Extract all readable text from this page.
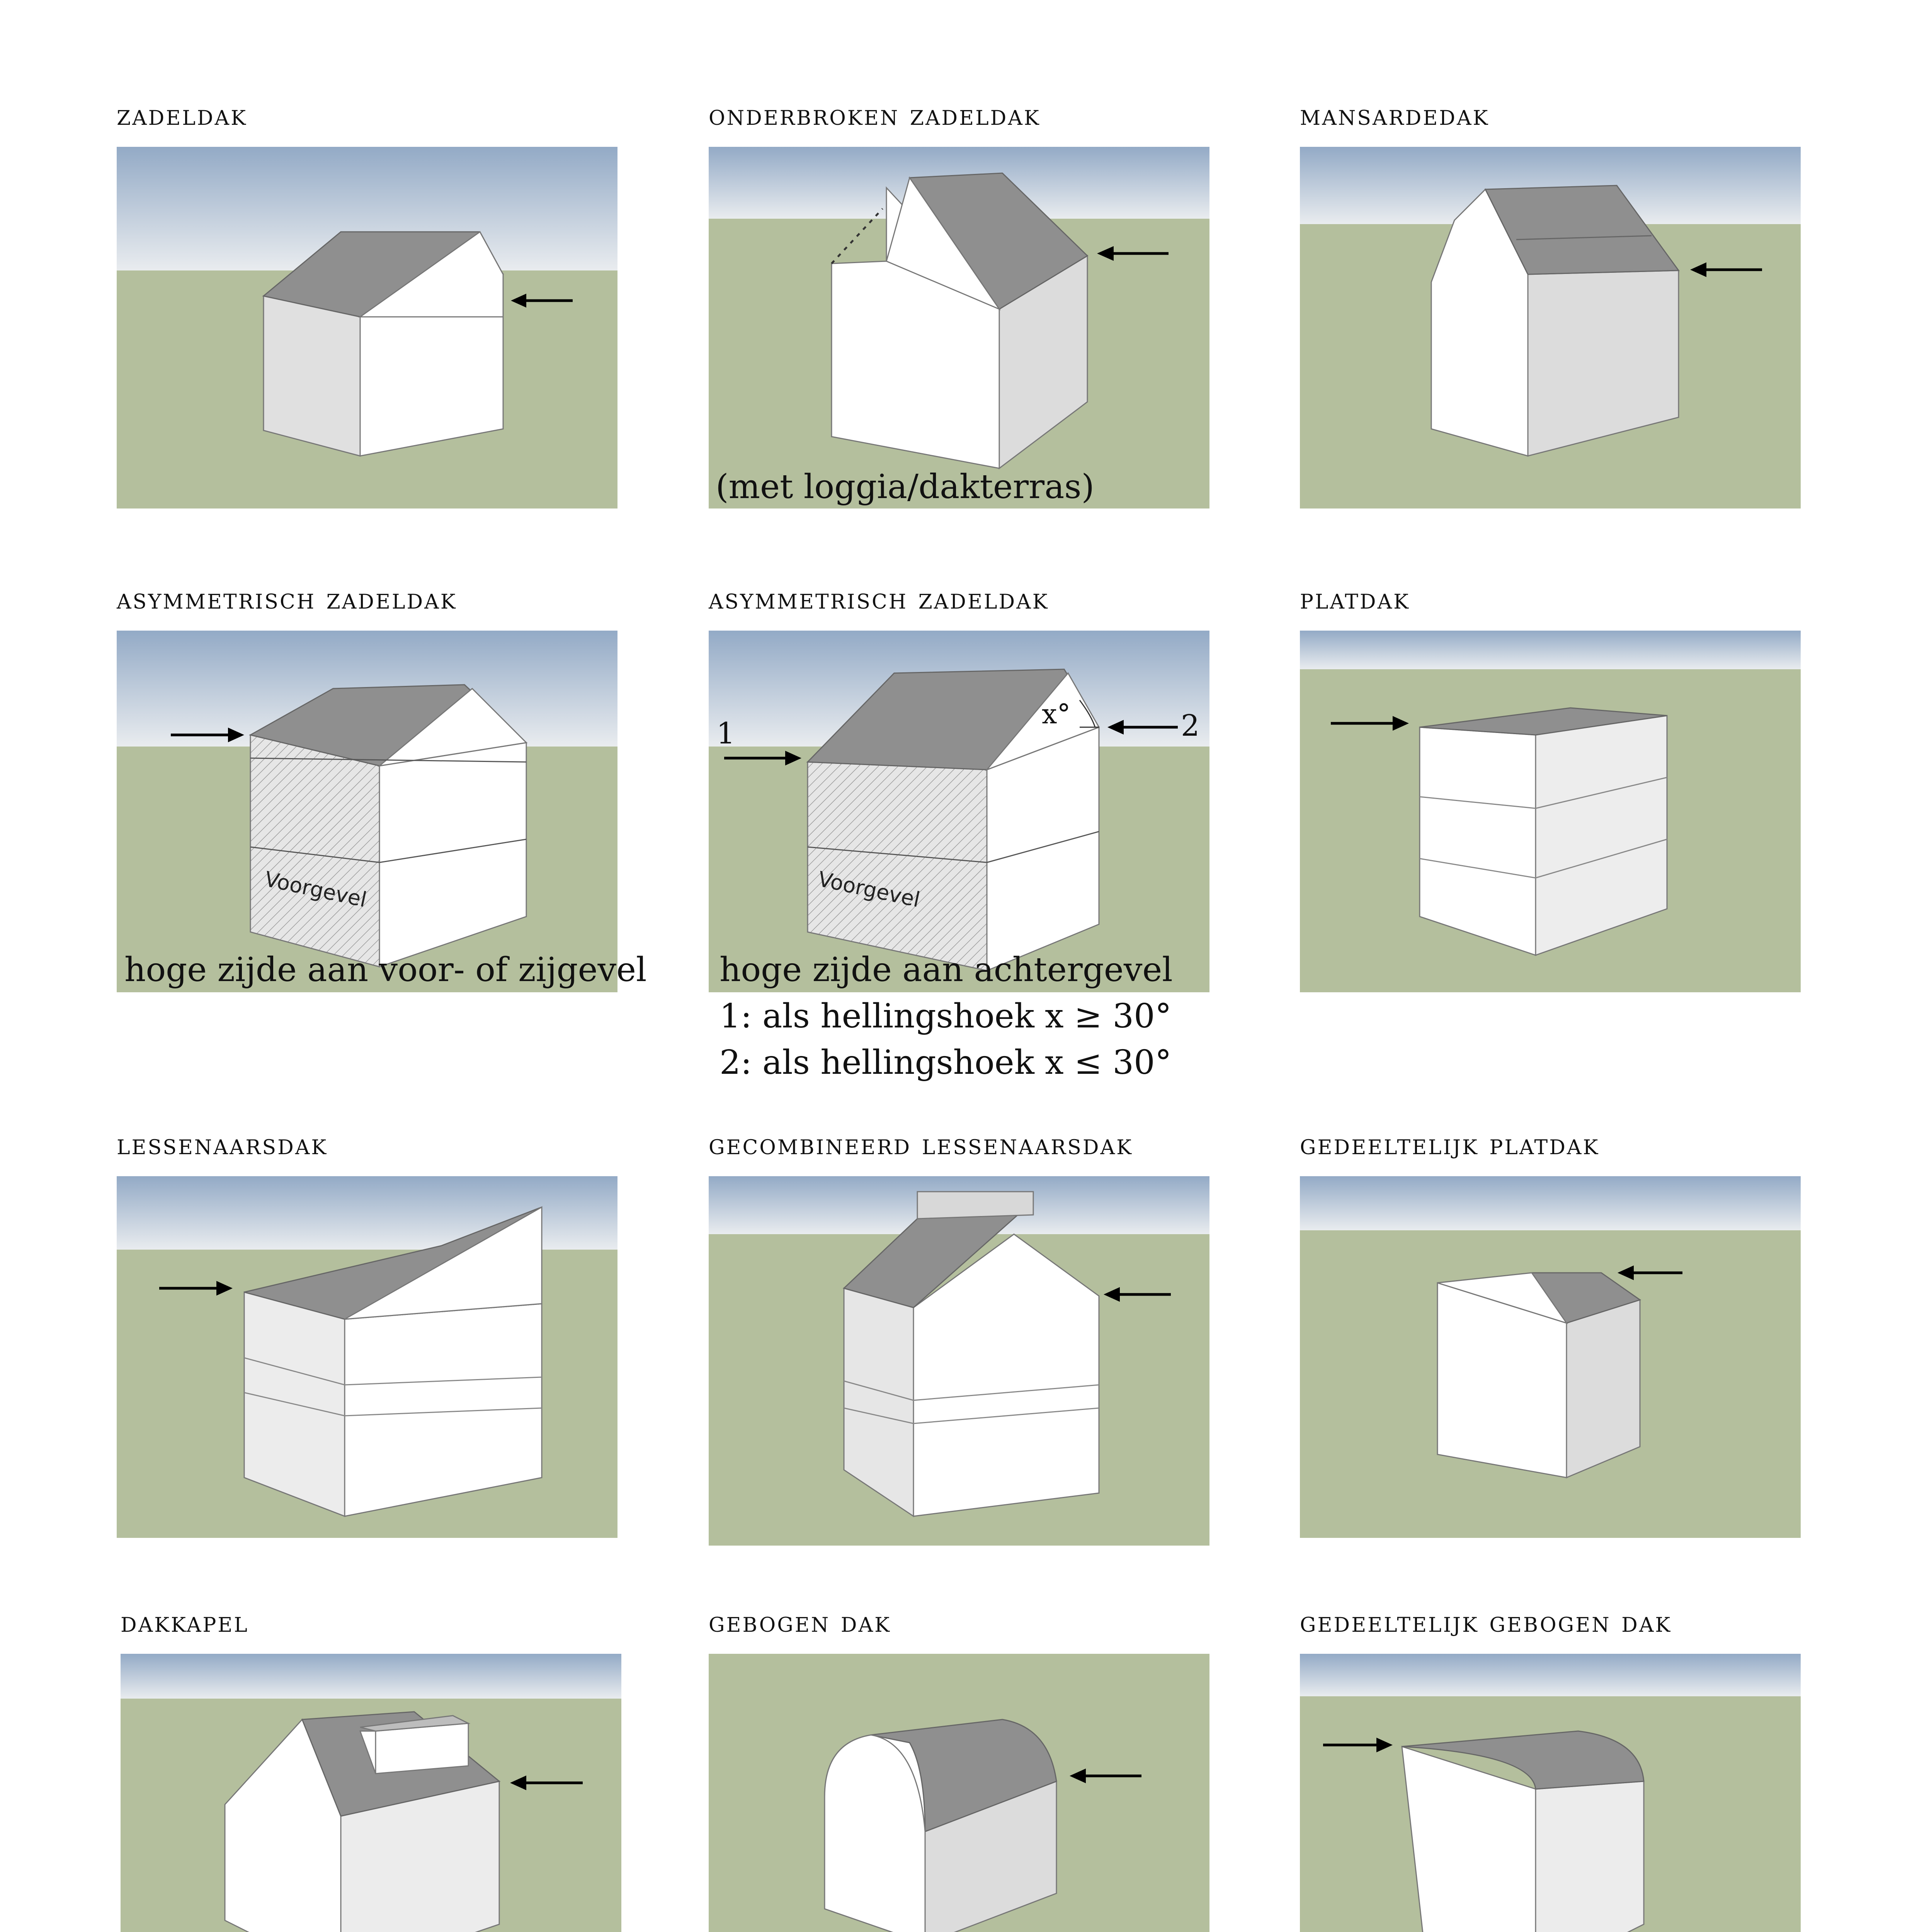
zadeldak	onderbroken zadeldak
(met loggia/dakterras)
mansardedak
asymmetrisch zadeldak
Voorgevel
hoge zijde aan voor- of zijgevel
asymmetrisch zadeldak
x°
1	2
Voorgevel
hoge zijde aan achtergevel
1: als hellingshoek x ≥ 30°
2: als hellingshoek x ≤ 30°
platdak
lessenaarsdak	gecombineerd lessenaarsdak	gedeeltelijk platdak
dakkapel	gebogen dak	gedeeltelijk gebogen dak
